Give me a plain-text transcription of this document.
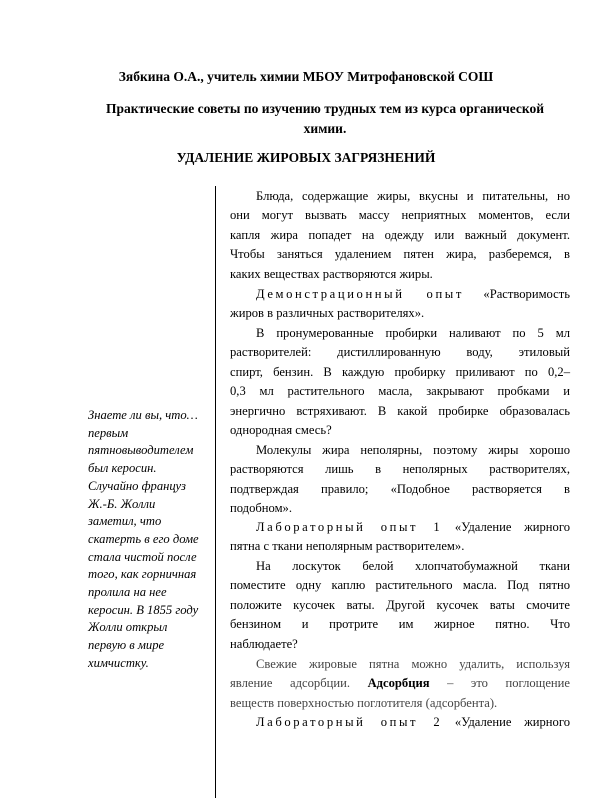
Зябкина О.А., учитель химии МБОУ Митрофановской СОШ
Практические советы по изучению трудных тем из курса органической химии.
УДАЛЕНИЕ ЖИРОВЫХ ЗАГРЯЗНЕНИЙ
Знаете ли вы, что…
первым
пятновыводителем
был керосин.
Случайно француз
Ж.-Б. Жолли
заметил, что
скатерть в его доме
стала чистой после
того, как горничная
пролила на нее
керосин. В 1855 году
Жолли открыл
первую в мире
химчистку.
Блюда, содержащие жиры, вкусны и питательны, но
они могут вызвать массу неприятных моментов, если
капля жира попадет на одежду или важный документ.
Чтобы заняться удалением пятен жира, разберемся, в
каких веществах растворяются жиры.
Демонстрационный опыт «Растворимость
жиров в различных растворителях».
В пронумерованные пробирки наливают по 5 мл
растворителей: дистиллированную воду, этиловый
спирт, бензин. В каждую пробирку приливают по 0,2–
0,3 мл растительного масла, закрывают пробками и
энергично встряхивают. В какой пробирке образовалась
однородная смесь?
Молекулы жира неполярны, поэтому жиры хорошо
растворяются лишь в неполярных растворителях,
подтверждая правило; «Подобное растворяется в
подобном».
Лабораторный опыт 1 «Удаление жирного
пятна с ткани неполярным растворителем».
На лоскуток белой хлопчатобумажной ткани
поместите одну каплю растительного масла. Под пятно
положите кусочек ваты. Другой кусочек ваты смочите
бензином и протрите им жирное пятно. Что
наблюдаете?
Свежие жировые пятна можно удалить, используя
явление адсорбции. Адсорбция – это поглощение
веществ поверхностью поглотителя (адсорбента).
Лабораторный опыт 2 «Удаление жирного
